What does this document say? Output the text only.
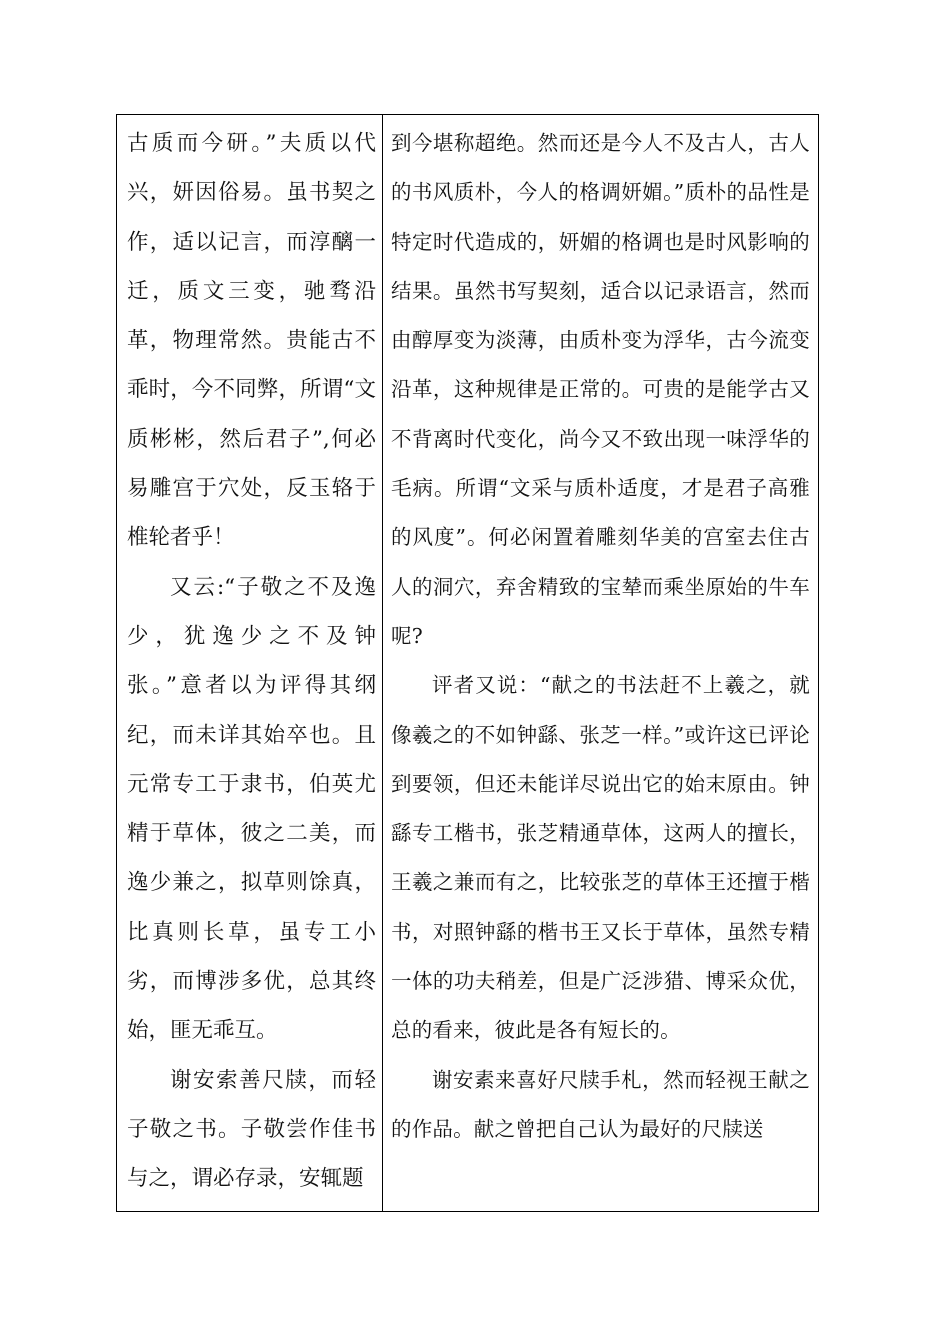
古质而今研。”夫质以代兴，妍因俗易。虽书契之作，适以记言，而淳醨一迁，质文三变，驰骛沿革，物理常然。贵能古不乖时，今不同弊，所谓“文质彬彬，然后君子”,何必易雕宫于穴处，反玉辂于椎轮者乎！

又云:“子敬之不及逸少，犹逸少之不及钟张。”意者以为评得其纲纪，而未详其始卒也。且元常专工于隶书，伯英尤精于草体，彼之二美，而逸少兼之，拟草则馀真，比真则长草，虽专工小劣，而博涉多优，总其终始，匪无乖互。

谢安索善尺牍，而轻子敬之书。子敬尝作佳书与之，谓必存录，安辄题

到今堪称超绝。然而还是今人不及古人，古人的书风质朴，今人的格调妍媚。”质朴的品性是特定时代造成的，妍媚的格调也是时风影响的结果。虽然书写契刻，适合以记录语言，然而由醇厚变为淡薄，由质朴变为浮华，古今流变沿革，这种规律是正常的。可贵的是能学古又不背离时代变化，尚今又不致出现一味浮华的毛病。所谓“文采与质朴适度，才是君子高雅的风度”。何必闲置着雕刻华美的宫室去住古人的洞穴，弃舍精致的宝辇而乘坐原始的牛车呢?

评者又说：“献之的书法赶不上羲之，就像羲之的不如钟繇、张芝一样。”或许这已评论到要领，但还未能详尽说出它的始末原由。钟繇专工楷书，张芝精通草体，这两人的擅长，王羲之兼而有之，比较张芝的草体王还擅于楷书，对照钟繇的楷书王又长于草体，虽然专精一体的功夫稍差，但是广泛涉猎、博采众优，总的看来，彼此是各有短长的。

谢安素来喜好尺牍手札，然而轻视王献之的作品。献之曾把自己认为最好的尺牍送
